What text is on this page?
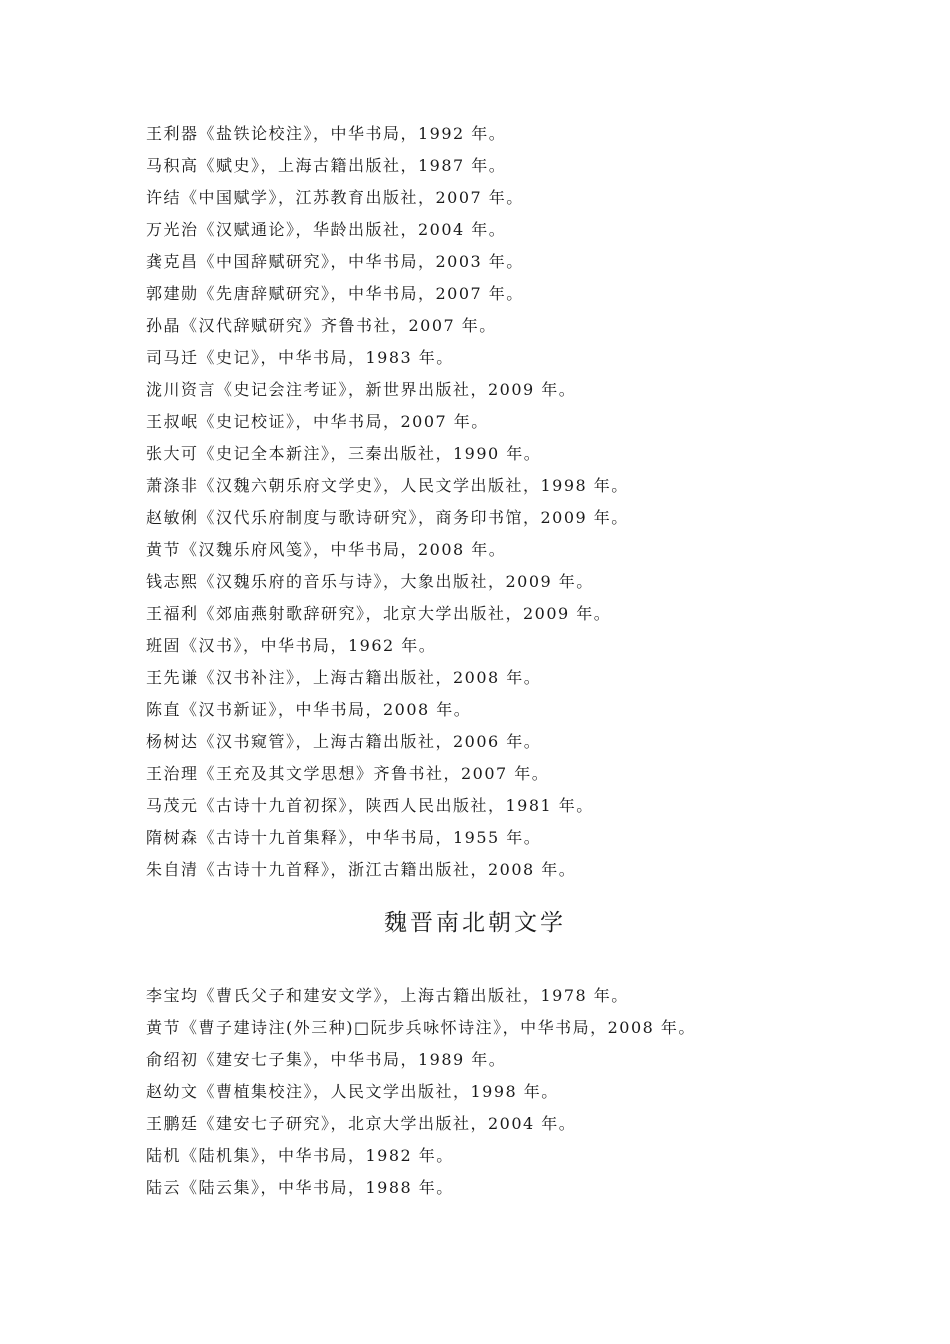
王利器《盐铁论校注》，中华书局，1992 年。
马积高《赋史》，上海古籍出版社，1987 年。
许结《中国赋学》，江苏教育出版社，2007 年。
万光治《汉赋通论》，华龄出版社，2004 年。
龚克昌《中国辞赋研究》，中华书局，2003 年。
郭建勋《先唐辞赋研究》，中华书局，2007 年。
孙晶《汉代辞赋研究》齐鲁书社，2007 年。
司马迁《史记》，中华书局，1983 年。
泷川资言《史记会注考证》，新世界出版社，2009 年。
王叔岷《史记校证》，中华书局，2007 年。
张大可《史记全本新注》，三秦出版社，1990 年。
萧涤非《汉魏六朝乐府文学史》，人民文学出版社，1998 年。
赵敏俐《汉代乐府制度与歌诗研究》，商务印书馆，2009 年。
黄节《汉魏乐府风笺》，中华书局，2008 年。
钱志熙《汉魏乐府的音乐与诗》，大象出版社，2009 年。
王福利《郊庙燕射歌辞研究》，北京大学出版社，2009 年。
班固《汉书》，中华书局，1962 年。
王先谦《汉书补注》，上海古籍出版社，2008 年。
陈直《汉书新证》，中华书局，2008 年。
杨树达《汉书窥管》，上海古籍出版社，2006 年。
王治理《王充及其文学思想》齐鲁书社，2007 年。
马茂元《古诗十九首初探》，陕西人民出版社，1981 年。
隋树森《古诗十九首集释》，中华书局，1955 年。
朱自清《古诗十九首释》，浙江古籍出版社，2008 年。
魏晋南北朝文学
李宝均《曹氏父子和建安文学》，上海古籍出版社，1978 年。
黄节《曹子建诗注(外三种)□阮步兵咏怀诗注》，中华书局，2008 年。
俞绍初《建安七子集》，中华书局，1989 年。
赵幼文《曹植集校注》，人民文学出版社，1998 年。
王鹏廷《建安七子研究》，北京大学出版社，2004 年。
陆机《陆机集》，中华书局，1982 年。
陆云《陆云集》，中华书局，1988 年。
